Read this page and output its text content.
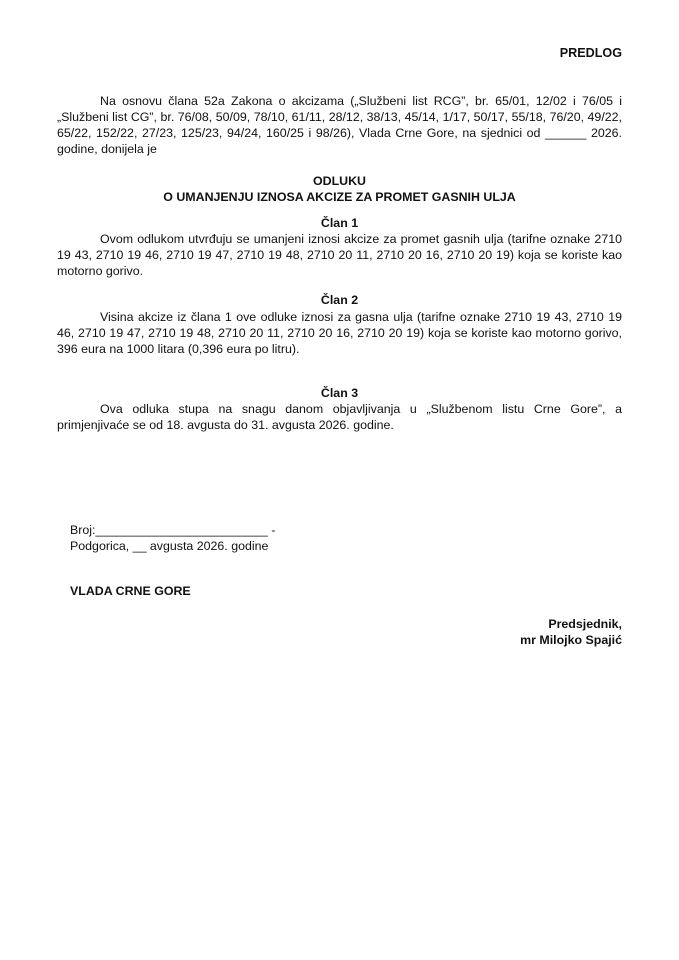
PREDLOG
Na osnovu člana 52a Zakona o akcizama („Službeni list RCG”, br. 65/01, 12/02 i 76/05 i „Službeni list CG”, br. 76/08, 50/09, 78/10, 61/11, 28/12, 38/13, 45/14, 1/17, 50/17, 55/18, 76/20, 49/22, 65/22, 152/22, 27/23, 125/23, 94/24, 160/25 i 98/26), Vlada Crne Gore, na sjednici od ______ 2026. godine, donijela je
ODLUKU
O UMANJENJU IZNOSA AKCIZE ZA PROMET GASNIH ULJA
Član 1
Ovom odlukom utvrđuju se umanjeni iznosi akcize za promet gasnih ulja (tarifne oznake 2710 19 43, 2710 19 46, 2710 19 47, 2710 19 48, 2710 20 11, 2710 20 16, 2710 20 19) koja se koriste kao motorno gorivo.
Član 2
Visina akcize iz člana 1 ove odluke iznosi za gasna ulja (tarifne oznake 2710 19 43, 2710 19 46, 2710 19 47, 2710 19 48, 2710 20 11, 2710 20 16, 2710 20 19) koja se koriste kao motorno gorivo, 396 eura na 1000 litara (0,396 eura po litru).
Član 3
Ova odluka stupa na snagu danom objavljivanja u „Službenom listu Crne Gore”, a primjenjivaće se od 18. avgusta do 31. avgusta 2026. godine.
Broj:_________________________ -
Podgorica, __ avgusta 2026. godine
VLADA CRNE GORE
Predsjednik,
mr Milojko Spajić
